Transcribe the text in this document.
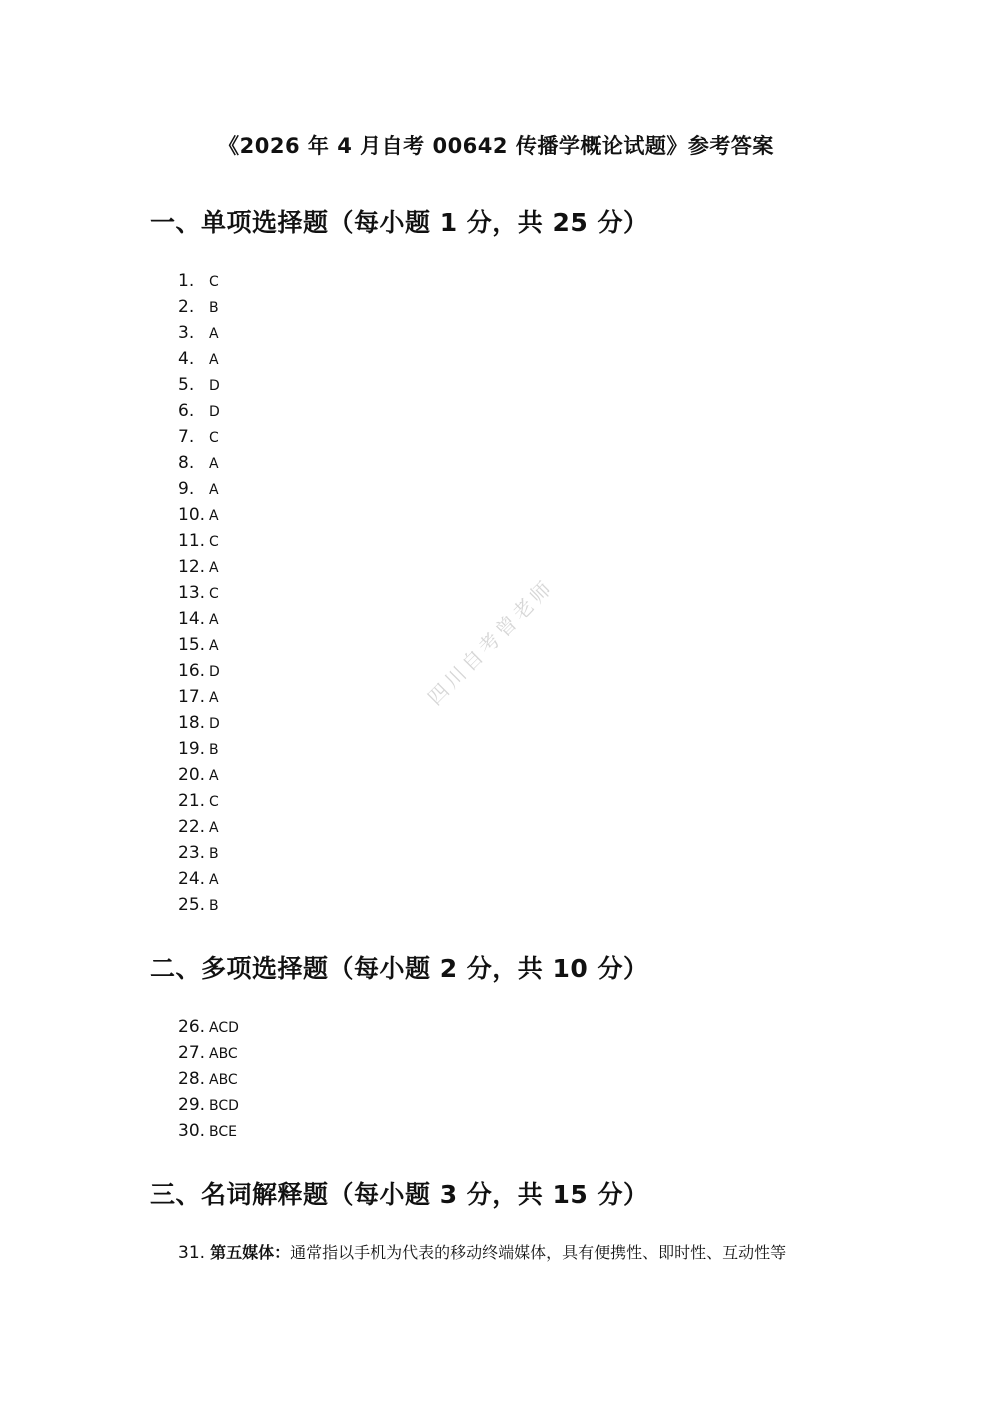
《2026 年 4 月自考 00642 传播学概论试题》参考答案
四川自考曾老师
一、单项选择题（每小题 1 分，共 25 分）
1. C
2. B
3. A
4. A
5. D
6. D
7. C
8. A
9. A
10. A
11. C
12. A
13. C
14. A
15. A
16. D
17. A
18. D
19. B
20. A
21. C
22. A
23. B
24. A
25. B
二、多项选择题（每小题 2 分，共 10 分）
26. ACD
27. ABC
28. ABC
29. BCD
30. BCE
三、名词解释题（每小题 3 分，共 15 分）
31. 第五媒体：通常指以手机为代表的移动终端媒体，具有便携性、即时性、互动性等
